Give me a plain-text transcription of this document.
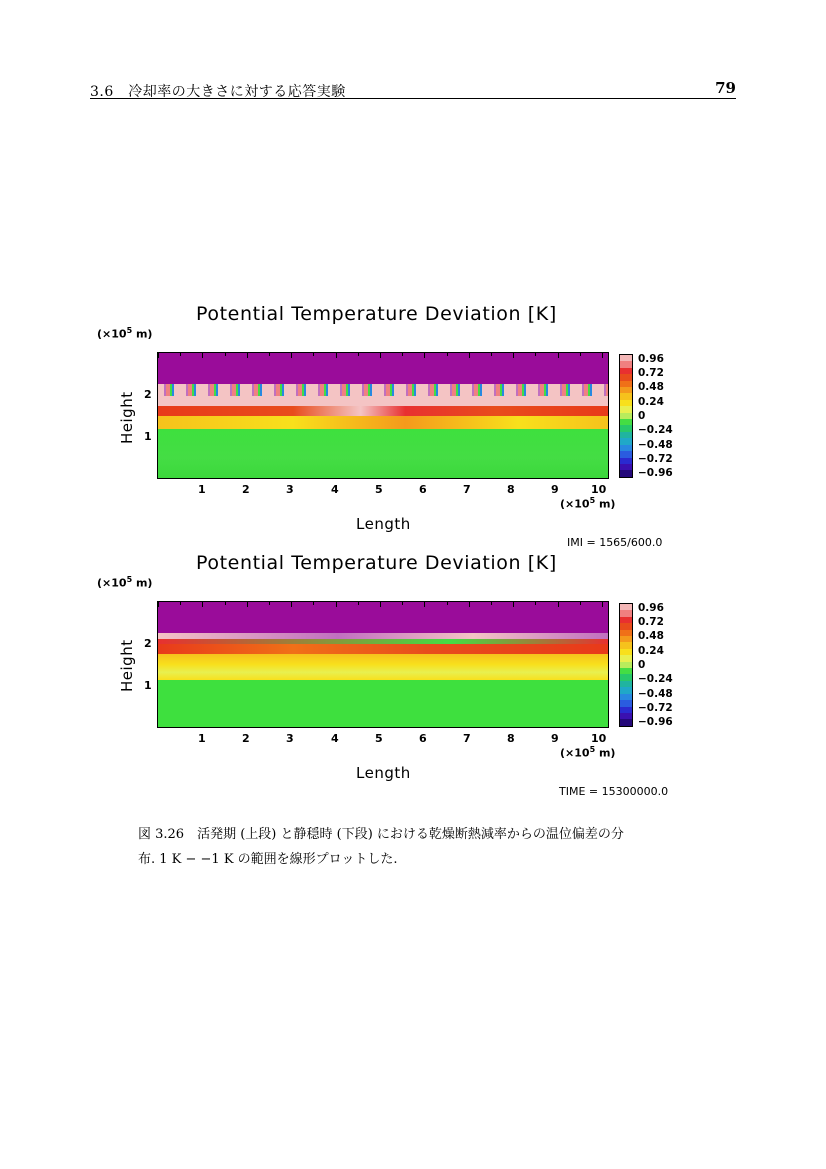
3.6　冷却率の大きさに対する応答実験	79
Potential Temperature Deviation [K]
($\times 10^5$ m)
Height 2
1
0.96
0.72
0.48
0.24
0
−0.24
−0.48
−0.72
−0.96
1	2	3	4	5	6	7	8	9	10
($\times 10^5$ m)
Length
IMI = 1565/600.0
Potential Temperature Deviation [K]
($\times 10^5$ m)
Height 2
1
0.96
0.72
0.48
0.24
0
−0.24
−0.48
−0.72
−0.96
1	2	3	4	5	6	7	8	9	10
($\times 10^5$ m)
Length
TIME = 15300000.0
図 3.26　活発期 (上段) と静穏時 (下段) における乾燥断熱減率からの温位偏差の分
布. 1 K − −1 K の範囲を線形プロットした.
